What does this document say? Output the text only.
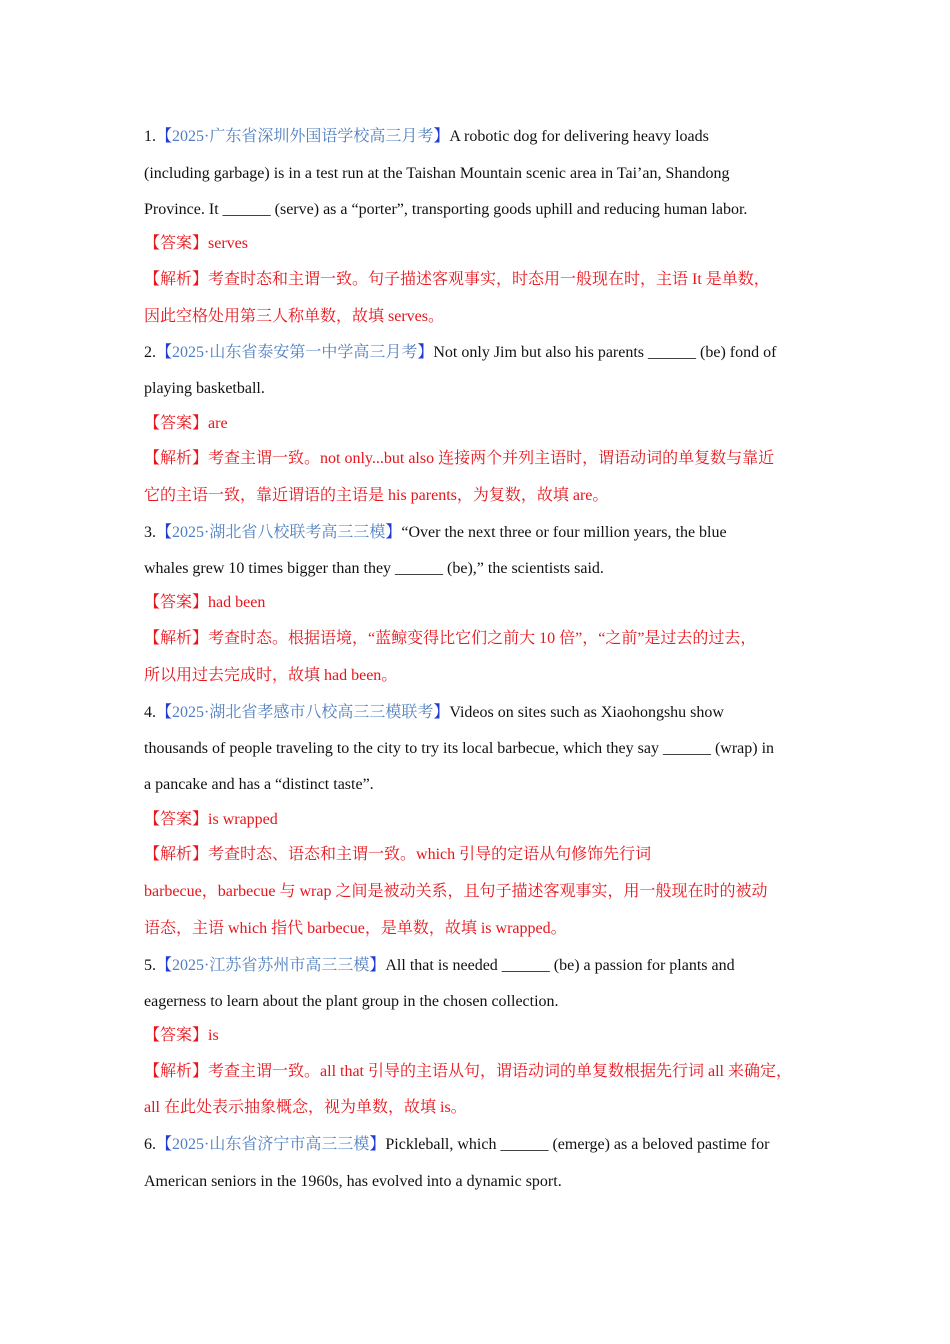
1.【2025·广东省深圳外国语学校高三月考】A robotic dog for delivering heavy loads
(including garbage) is in a test run at the Taishan Mountain scenic area in Tai’an, Shandong
Province. It ______ (serve) as a “porter”, transporting goods uphill and reducing human labor.
【答案】serves
【解析】考查时态和主谓一致。句子描述客观事实，时态用一般现在时，主语 It 是单数，
因此空格处用第三人称单数，故填 serves。
2.【2025·山东省泰安第一中学高三月考】Not only Jim but also his parents ______ (be) fond of
playing basketball.
【答案】are
【解析】考查主谓一致。not only...but also 连接两个并列主语时，谓语动词的单复数与靠近
它的主语一致，靠近谓语的主语是 his parents，为复数，故填 are。
3.【2025·湖北省八校联考高三三模】“Over the next three or four million years, the blue
whales grew 10 times bigger than they ______ (be),” the scientists said.
【答案】had been
【解析】考查时态。根据语境，“蓝鲸变得比它们之前大 10 倍”，“之前”是过去的过去，
所以用过去完成时，故填 had been。
4.【2025·湖北省孝感市八校高三三模联考】Videos on sites such as Xiaohongshu show
thousands of people traveling to the city to try its local barbecue, which they say ______ (wrap) in
a pancake and has a “distinct taste”.
【答案】is wrapped
【解析】考查时态、语态和主谓一致。which 引导的定语从句修饰先行词
barbecue，barbecue 与 wrap 之间是被动关系，且句子描述客观事实，用一般现在时的被动
语态，主语 which 指代 barbecue，是单数，故填 is wrapped。
5.【2025·江苏省苏州市高三三模】All that is needed ______ (be) a passion for plants and
eagerness to learn about the plant group in the chosen collection.
【答案】is
【解析】考查主谓一致。all that 引导的主语从句，谓语动词的单复数根据先行词 all 来确定，
all 在此处表示抽象概念，视为单数，故填 is。
6.【2025·山东省济宁市高三三模】Pickleball, which ______ (emerge) as a beloved pastime for
American seniors in the 1960s, has evolved into a dynamic sport.
